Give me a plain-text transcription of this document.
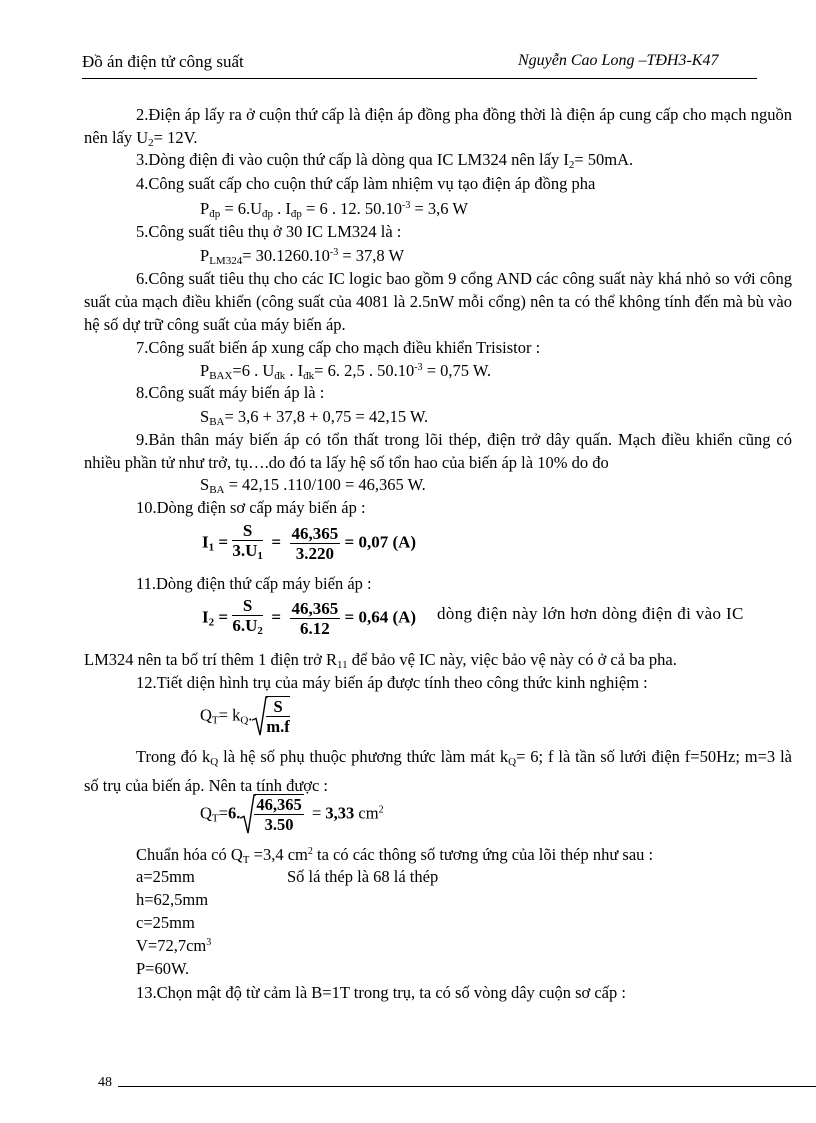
Đồ án điện tử công suất	Nguyễn Cao Long –TĐH3-K47
2.Điện áp lấy ra ở cuộn thứ cấp là điện áp đồng pha đồng thời là điện áp cung cấp cho mạch nguồn nên lấy $U_2= 12V$.
3.Dòng điện đi vào cuộn thứ cấp là dòng qua IC LM324 nên lấy $I_2= 50mA$.
4.Công suất cấp cho cuộn thứ cấp làm nhiệm vụ tạo điện áp đồng pha
$P_{đp} = 6.U_{đp}$ . $I_{đp} = 6$ . 12. $50.10^{-3} = 3,6$ W
5.Công suất tiêu thụ ở 30 IC LM324 là :
$P_{LM324}= 30.1260.10^{-3} = 37,8$ W
6.Công suất tiêu thụ cho các IC logic bao gồm 9 cổng AND các công suất này khá nhỏ so với công suất của mạch điều khiển (công suất của 4081 là 2.5nW mỗi cổng) nên ta có thể không tính đến mà bù vào hệ số dự trữ công suất của máy biến áp.
7.Công suất biến áp xung cấp cho mạch điều khiển Trisistor :
$P_{BAX}=6$ . $U_{đk}$ . $I_{đk}= 6$. 2,5 . $50.10^{-3} = 0,75$ W.
8.Công suất máy biến áp là :
$S_{BA}= 3,6 + 37,8 + 0,75 = 42,15$ W.
9.Bản thân máy biến áp có tổn thất trong lõi thép, điện trở dây quấn. Mạch điều khiển cũng có nhiều phần tử như trở, tụ….do đó ta lấy hệ số tổn hao của biến áp là 10% do đo
$S_{BA} = 42,15$ .110/100 = 46,365 W.
10.Dòng điện sơ cấp máy biến áp :
$I_1 = \frac{S}{3.U_1} = \frac{46,365}{3.220} = 0,07$ (A)
11.Dòng điện thứ cấp máy biến áp :
$I_2 = \frac{S}{6.U_2} = \frac{46,365}{6.12} = 0,64$ (A) dòng điện này lớn hơn dòng điện đi vào IC
LM324 nên ta bố trí thêm 1 điện trở $R_{11}$ để bảo vệ IC này, việc bảo vệ này có ở cả ba pha.
12.Tiết diện hình trụ của máy biến áp được tính theo công thức kinh nghiệm :
$Q_T= k_Q$. $\frac{S}{m.f}$
Trong đó $k_Q$ là hệ số phụ thuộc phương thức làm mát $k_Q= 6$; f là tần số lưới điện f=50Hz; m=3 là số trụ của biến áp. Nên ta tính được :
$Q_T=6$. $\frac{46,365}{3.50} = 3,33$ $cm^2$
Chuẩn hóa có $Q_T =3,4$ $cm^2$ ta có các thông số tương ứng của lõi thép như sau :
a=25mm	Số lá thép là 68 lá thép
h=62,5mm
c=25mm
$V=72,7cm^3$
P=60W.
13.Chọn mật độ từ cảm là B=1T trong trụ, ta có số vòng dây cuộn sơ cấp :
48
